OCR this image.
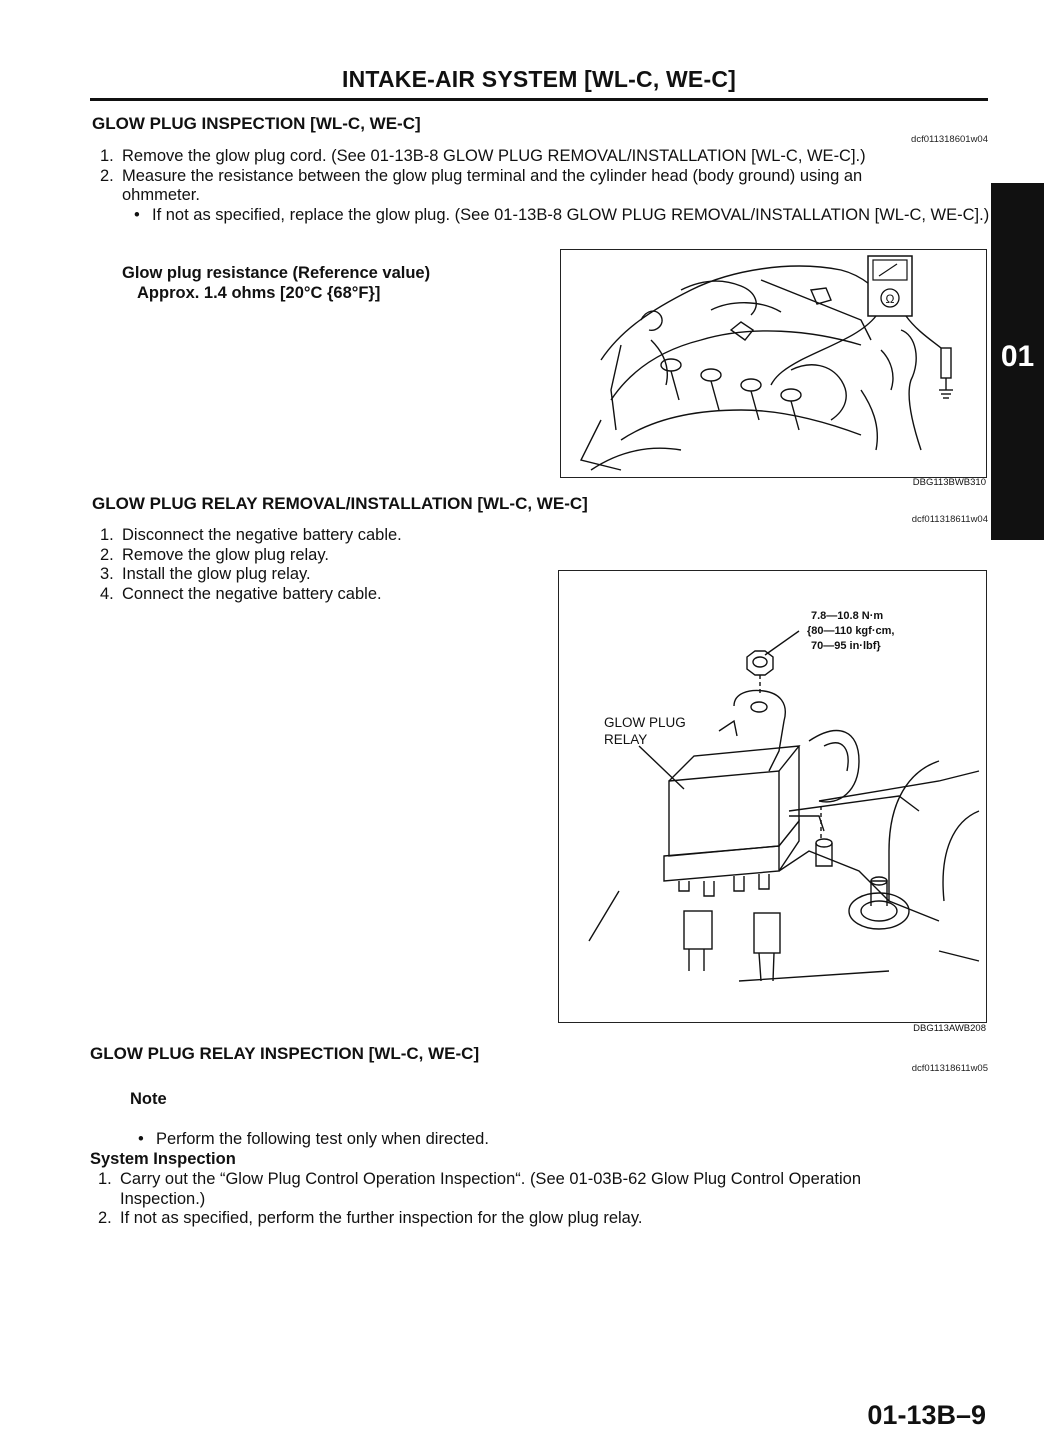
INTAKE-AIR SYSTEM [WL-C, WE-C]
01
GLOW PLUG INSPECTION [WL-C, WE-C]
dcf011318601w04
1. Remove the glow plug cord. (See 01-13B-8 GLOW PLUG REMOVAL/INSTALLATION [WL-C, WE-C].)
2. Measure the resistance between the glow plug terminal and the cylinder head (body ground) using an ohmmeter.
• If not as specified, replace the glow plug. (See 01-13B-8 GLOW PLUG REMOVAL/INSTALLATION [WL-C, WE-C].)
Glow plug resistance (Reference value)
Approx. 1.4 ohms [20°C {68°F}]	Ω
DBG113BWB310
GLOW PLUG RELAY REMOVAL/INSTALLATION [WL-C, WE-C]
dcf011318611w04
1. Disconnect the negative battery cable.
2. Remove the glow plug relay.
3. Install the glow plug relay.
4. Connect the negative battery cable.
7.8—10.8 N·m
{80—110 kgf·cm,
70—95 in·lbf}
GLOW PLUG
RELAY
DBG113AWB208
GLOW PLUG RELAY INSPECTION [WL-C, WE-C]
dcf011318611w05
Note
• Perform the following test only when directed.
System Inspection
1. Carry out the “Glow Plug Control Operation Inspection“. (See 01-03B-62 Glow Plug Control Operation Inspection.)
2. If not as specified, perform the further inspection for the glow plug relay.
01-13B–9
